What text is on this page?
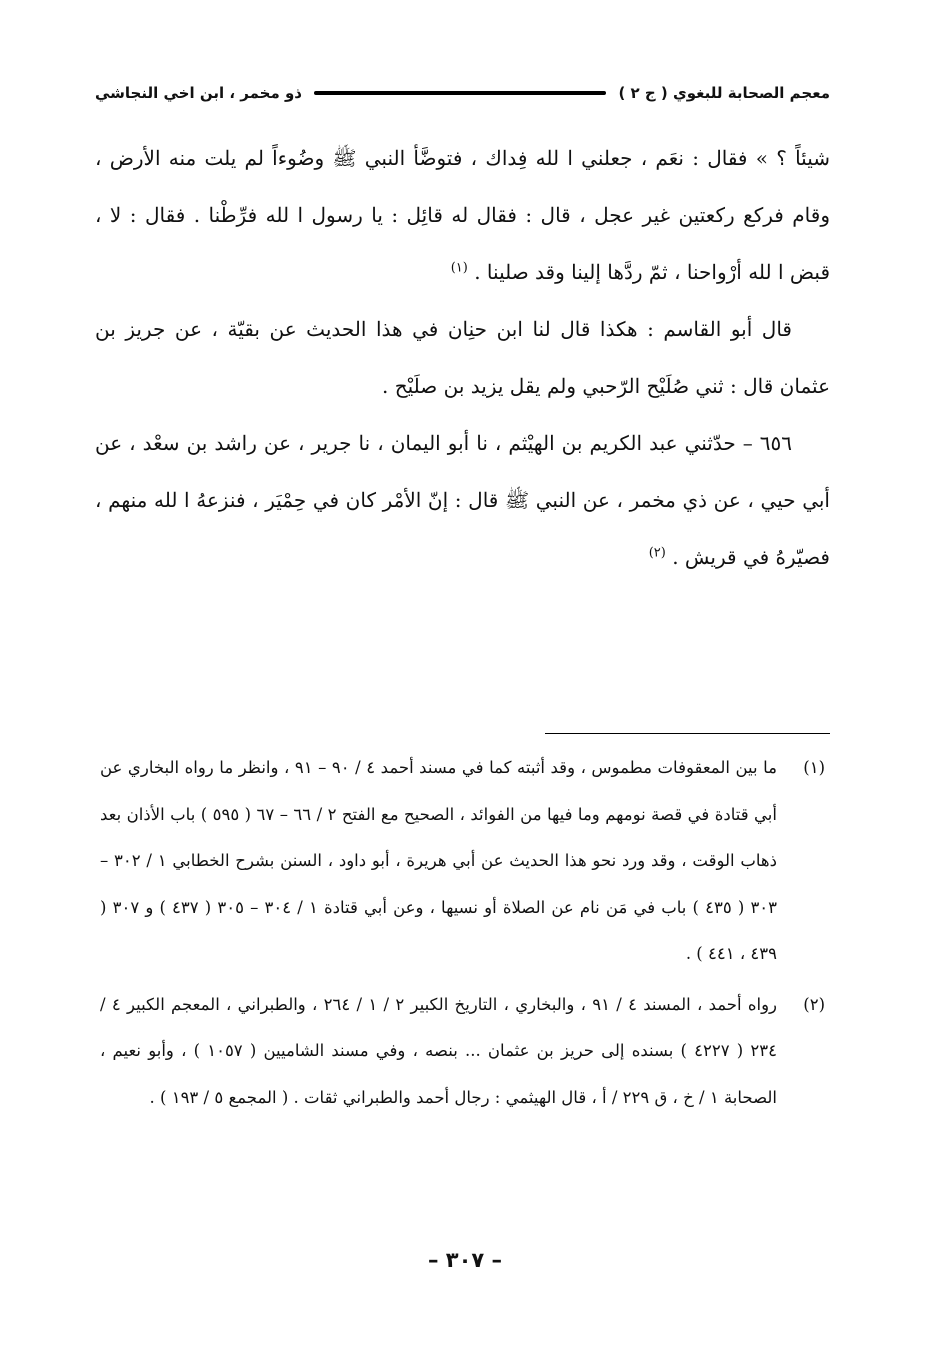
معجم الصحابة للبغوي ( ج ٢ )
ذو مخمر ، ابن اخي النجاشي

شيئاً ؟ » فقال : نعَم ، جعلني ا لله فِداك ، فتوضَّأ النبي ﷺ وضُوءاً لم يلت منه الأرض ، وقام فركع ركعتين غير عجل ، قال : فقال له قائِل : يا رسول ا لله فرِّطْنا . فقال : لا ، قبض ا لله أرْواحنا ، ثمّ ردَّها إلينا وقد صلينا . $^{(١)}$

قال أبو القاسم : هكذا قال لنا ابن حنِان في هذا الحديث عن بقيّة ، عن جريز بن عثمان قال : ثني صُلَيْح الرّحبي ولم يقل يزيد بن صلَيْح .

٦٥٦ – حدّثني عبد الكريم بن الهيْثم ، نا أبو اليمان ، نا جرير ، عن راشد بن سعْد ، عن أبي حيي ، عن ذي مخمر ، عن النبي ﷺ قال : إنّ الأمْر كان في حِمْيَر ، فنزعهُ ا لله منهم ، فصيّرهُ في قريش . $^{(٢)}$

(١)
ما بين المعقوفات مطموس ، وقد أثبته كما في مسند أحمد ٤ / ٩٠ – ٩١ ، وانظر ما رواه البخاري عن أبي قتادة في قصة نومهم وما فيها من الفوائد ، الصحيح مع الفتح ٢ / ٦٦ – ٦٧ ( ٥٩٥ ) باب الأذان بعد ذهاب الوقت ، وقد ورد نحو هذا الحديث عن أبي هريرة ، أبو داود ، السنن بشرح الخطابي ١ / ٣٠٢ – ٣٠٣ ( ٤٣٥ ) باب في مَن نام عن الصلاة أو نسيها ، وعن أبي قتادة ١ / ٣٠٤ – ٣٠٥ ( ٤٣٧ ) و ٣٠٧ ( ٤٣٩ ، ٤٤١ ) .
(٢)
رواه أحمد ، المسند ٤ / ٩١ ، والبخاري ، التاريخ الكبير ٢ / ١ / ٢٦٤ ، والطبراني ، المعجم الكبير ٤ / ٢٣٤ ( ٤٢٢٧ ) بسنده إلى حريز بن عثمان ... بنصه ، وفي مسند الشاميين ( ١٠٥٧ ) ، وأبو نعيم ، الصحابة ١ / خ ، ق ٢٢٩ / أ ، قال الهيثمي : رجال أحمد والطبراني ثقات . ( المجمع ٥ / ١٩٣ ) .
– ٣٠٧ –
